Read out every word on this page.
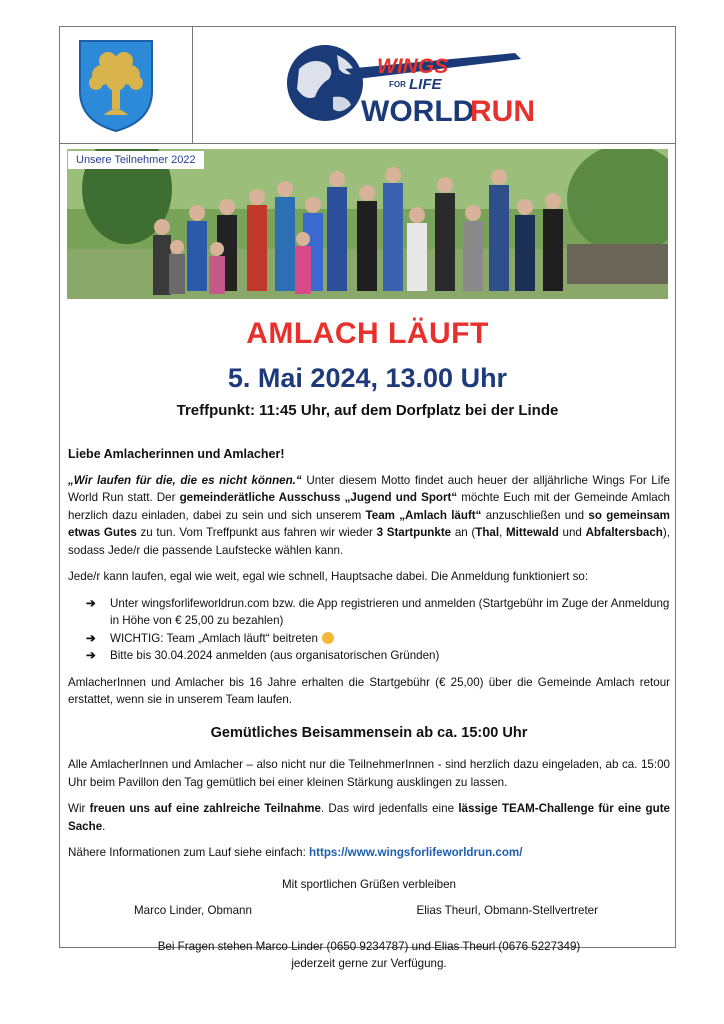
WINGS
FOR LIFE
WORLD
RUN
Unsere Teilnehmer 2022
AMLACH LÄUFT
5. Mai 2024, 13.00 Uhr
Treffpunkt: 11:45 Uhr, auf dem Dorfplatz bei der Linde

Liebe Amlacherinnen und Amlacher!

„Wir laufen für die, die es nicht können.“ Unter diesem Motto findet auch heuer der alljährliche Wings For Life World Run statt. Der gemeinderätliche Ausschuss „Jugend und Sport“ möchte Euch mit der Gemeinde Amlach herzlich dazu einladen, dabei zu sein und sich unserem Team „Amlach läuft“ anzuschließen und so gemeinsam etwas Gutes zu tun. Vom Treffpunkt aus fahren wir wieder 3 Startpunkte an (Thal, Mittewald und Abfaltersbach), sodass Jede/r die passende Laufstecke wählen kann.

Jede/r kann laufen, egal wie weit, egal wie schnell, Hauptsache dabei. Die Anmeldung funktioniert so:

➔ Unter wingsforlifeworldrun.com bzw. die App registrieren und anmelden (Startgebühr im Zuge der Anmeldung in Höhe von € 25,00 zu bezahlen)
➔ WICHTIG: Team „Amlach läuft“ beitreten
➔ Bitte bis 30.04.2024 anmelden (aus organisatorischen Gründen)

AmlacherInnen und Amlacher bis 16 Jahre erhalten die Startgebühr (€ 25,00) über die Gemeinde Amlach retour erstattet, wenn sie in unserem Team laufen.

Gemütliches Beisammensein ab ca. 15:00 Uhr

Alle AmlacherInnen und Amlacher – also nicht nur die TeilnehmerInnen - sind herzlich dazu eingeladen, ab ca. 15:00 Uhr beim Pavillon den Tag gemütlich bei einer kleinen Stärkung ausklingen zu lassen.

Wir freuen uns auf eine zahlreiche Teilnahme. Das wird jedenfalls eine lässige TEAM-Challenge für eine gute Sache.

Nähere Informationen zum Lauf siehe einfach: https://www.wingsforlifeworldrun.com/

Mit sportlichen Grüßen verbleiben

Marco Linder, Obmann	Elias Theurl, Obmann-Stellvertreter

Bei Fragen stehen Marco Linder (0650 9234787) und Elias Theurl (0676 5227349)

jederzeit gerne zur Verfügung.
